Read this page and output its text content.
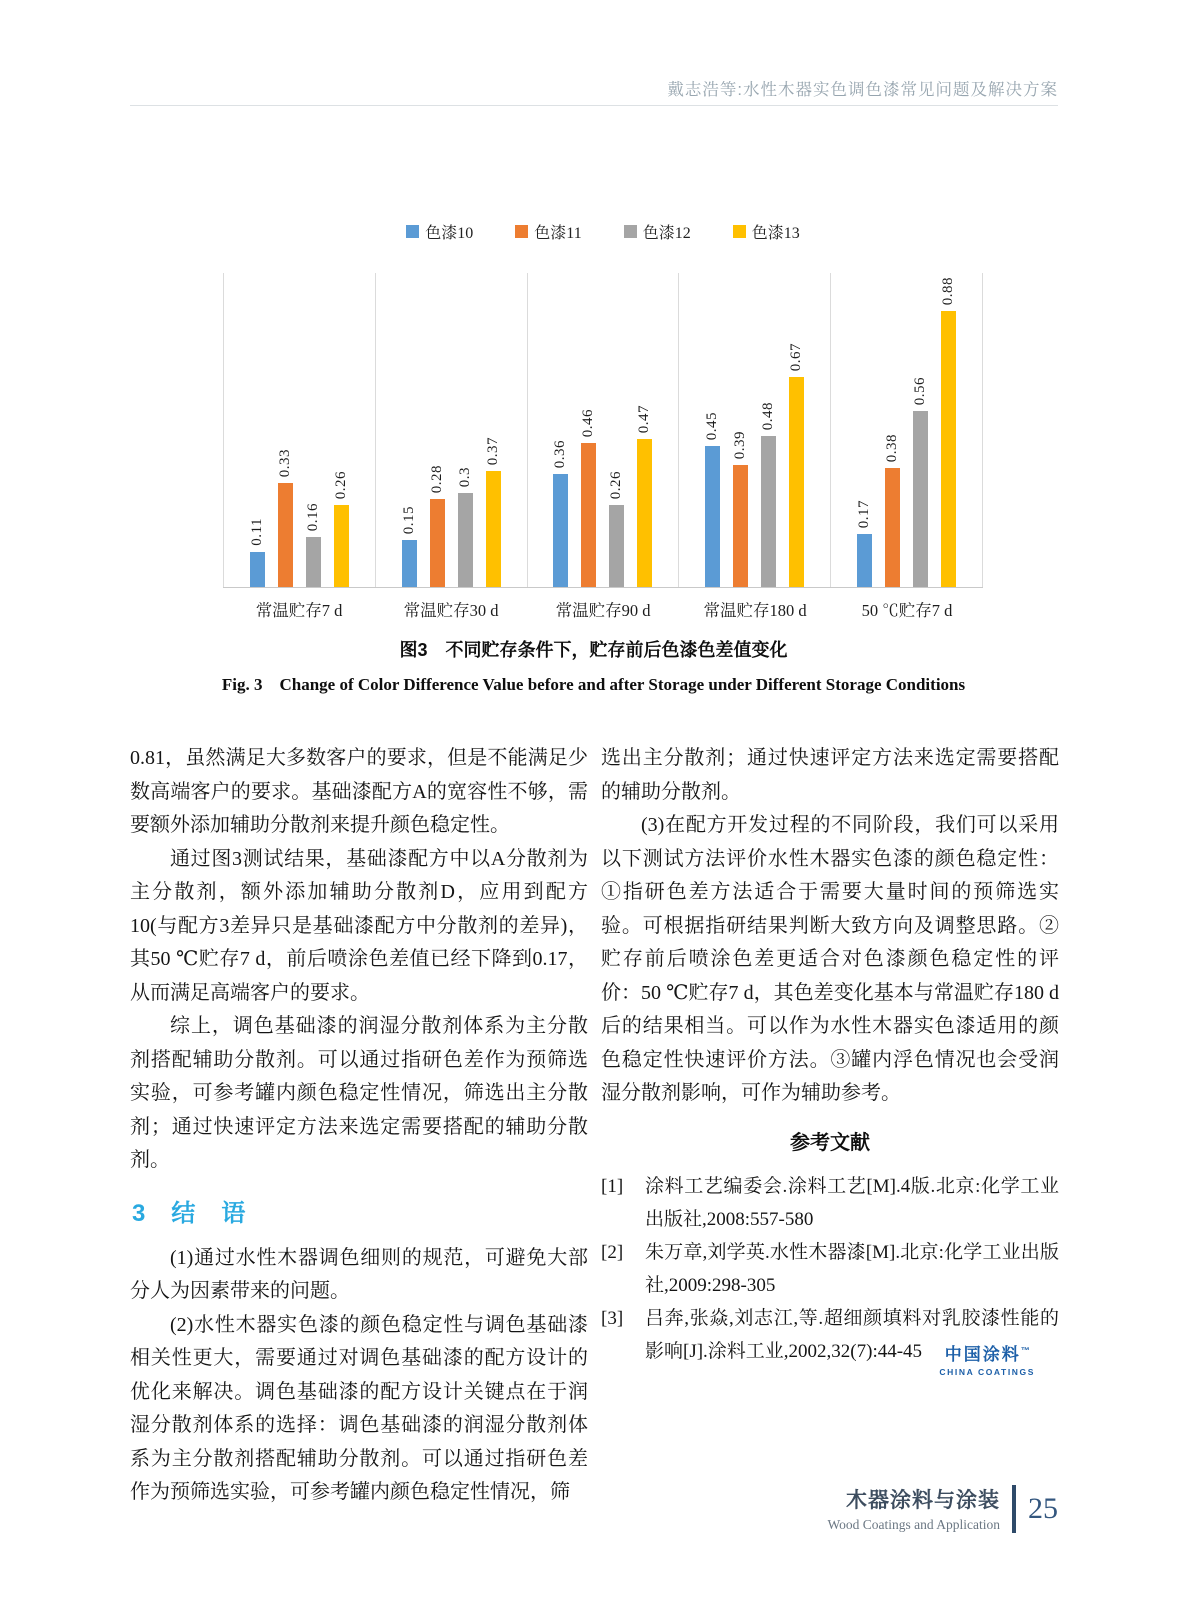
戴志浩等:水性木器实色调色漆常见问题及解决方案
色漆10	色漆11	色漆12	色漆13
0.11
0.33
0.16
0.26
0.15
0.28 0.3
0.37	0.36
0.46
0.26
0.47	0.45
0.39
0.48
0.67
0.17
0.38
0.56
0.88
常温贮存7 d	常温贮存30 d	常温贮存90 d	常温贮存180 d	50 ℃贮存7 d
图3　不同贮存条件下，贮存前后色漆色差值变化
Fig. 3　Change of Color Difference Value before and after Storage under Different Storage Conditions

0.81，虽然满足大多数客户的要求，但是不能满足少数高端客户的要求。基础漆配方A的宽容性不够，需要额外添加辅助分散剂来提升颜色稳定性。

通过图3测试结果，基础漆配方中以A分散剂为主分散剂，额外添加辅助分散剂D，应用到配方10(与配方3差异只是基础漆配方中分散剂的差异)，其50 ℃贮存7 d，前后喷涂色差值已经下降到0.17，从而满足高端客户的要求。

综上，调色基础漆的润湿分散剂体系为主分散剂搭配辅助分散剂。可以通过指研色差作为预筛选实验，可参考罐内颜色稳定性情况，筛选出主分散剂；通过快速评定方法来选定需要搭配的辅助分散剂。

3　结　语

(1)通过水性木器调色细则的规范，可避免大部分人为因素带来的问题。

(2)水性木器实色漆的颜色稳定性与调色基础漆相关性更大，需要通过对调色基础漆的配方设计的优化来解决。调色基础漆的配方设计关键点在于润湿分散剂体系的选择：调色基础漆的润湿分散剂体系为主分散剂搭配辅助分散剂。可以通过指研色差作为预筛选实验，可参考罐内颜色稳定性情况，筛

选出主分散剂；通过快速评定方法来选定需要搭配的辅助分散剂。

(3)在配方开发过程的不同阶段，我们可以采用以下测试方法评价水性木器实色漆的颜色稳定性：①指研色差方法适合于需要大量时间的预筛选实验。可根据指研结果判断大致方向及调整思路。②贮存前后喷涂色差更适合对色漆颜色稳定性的评价：50 ℃贮存7 d，其色差变化基本与常温贮存180 d后的结果相当。可以作为水性木器实色漆适用的颜色稳定性快速评价方法。③罐内浮色情况也会受润湿分散剂影响，可作为辅助参考。

参考文献
[1] 涂料工艺编委会.涂料工艺[M].4版.北京:化学工业出版社,2008:557-580
[2] 朱万章,刘学英.水性木器漆[M].北京:化学工业出版社,2009:298-305
[3] 吕奔,张焱,刘志江,等.超细颜填料对乳胶漆性能的影响[J].涂料工业,2002,32(7):44-45	中国涂料™
CHINA COATINGS
木器涂料与涂装
Wood Coatings and Application 25
